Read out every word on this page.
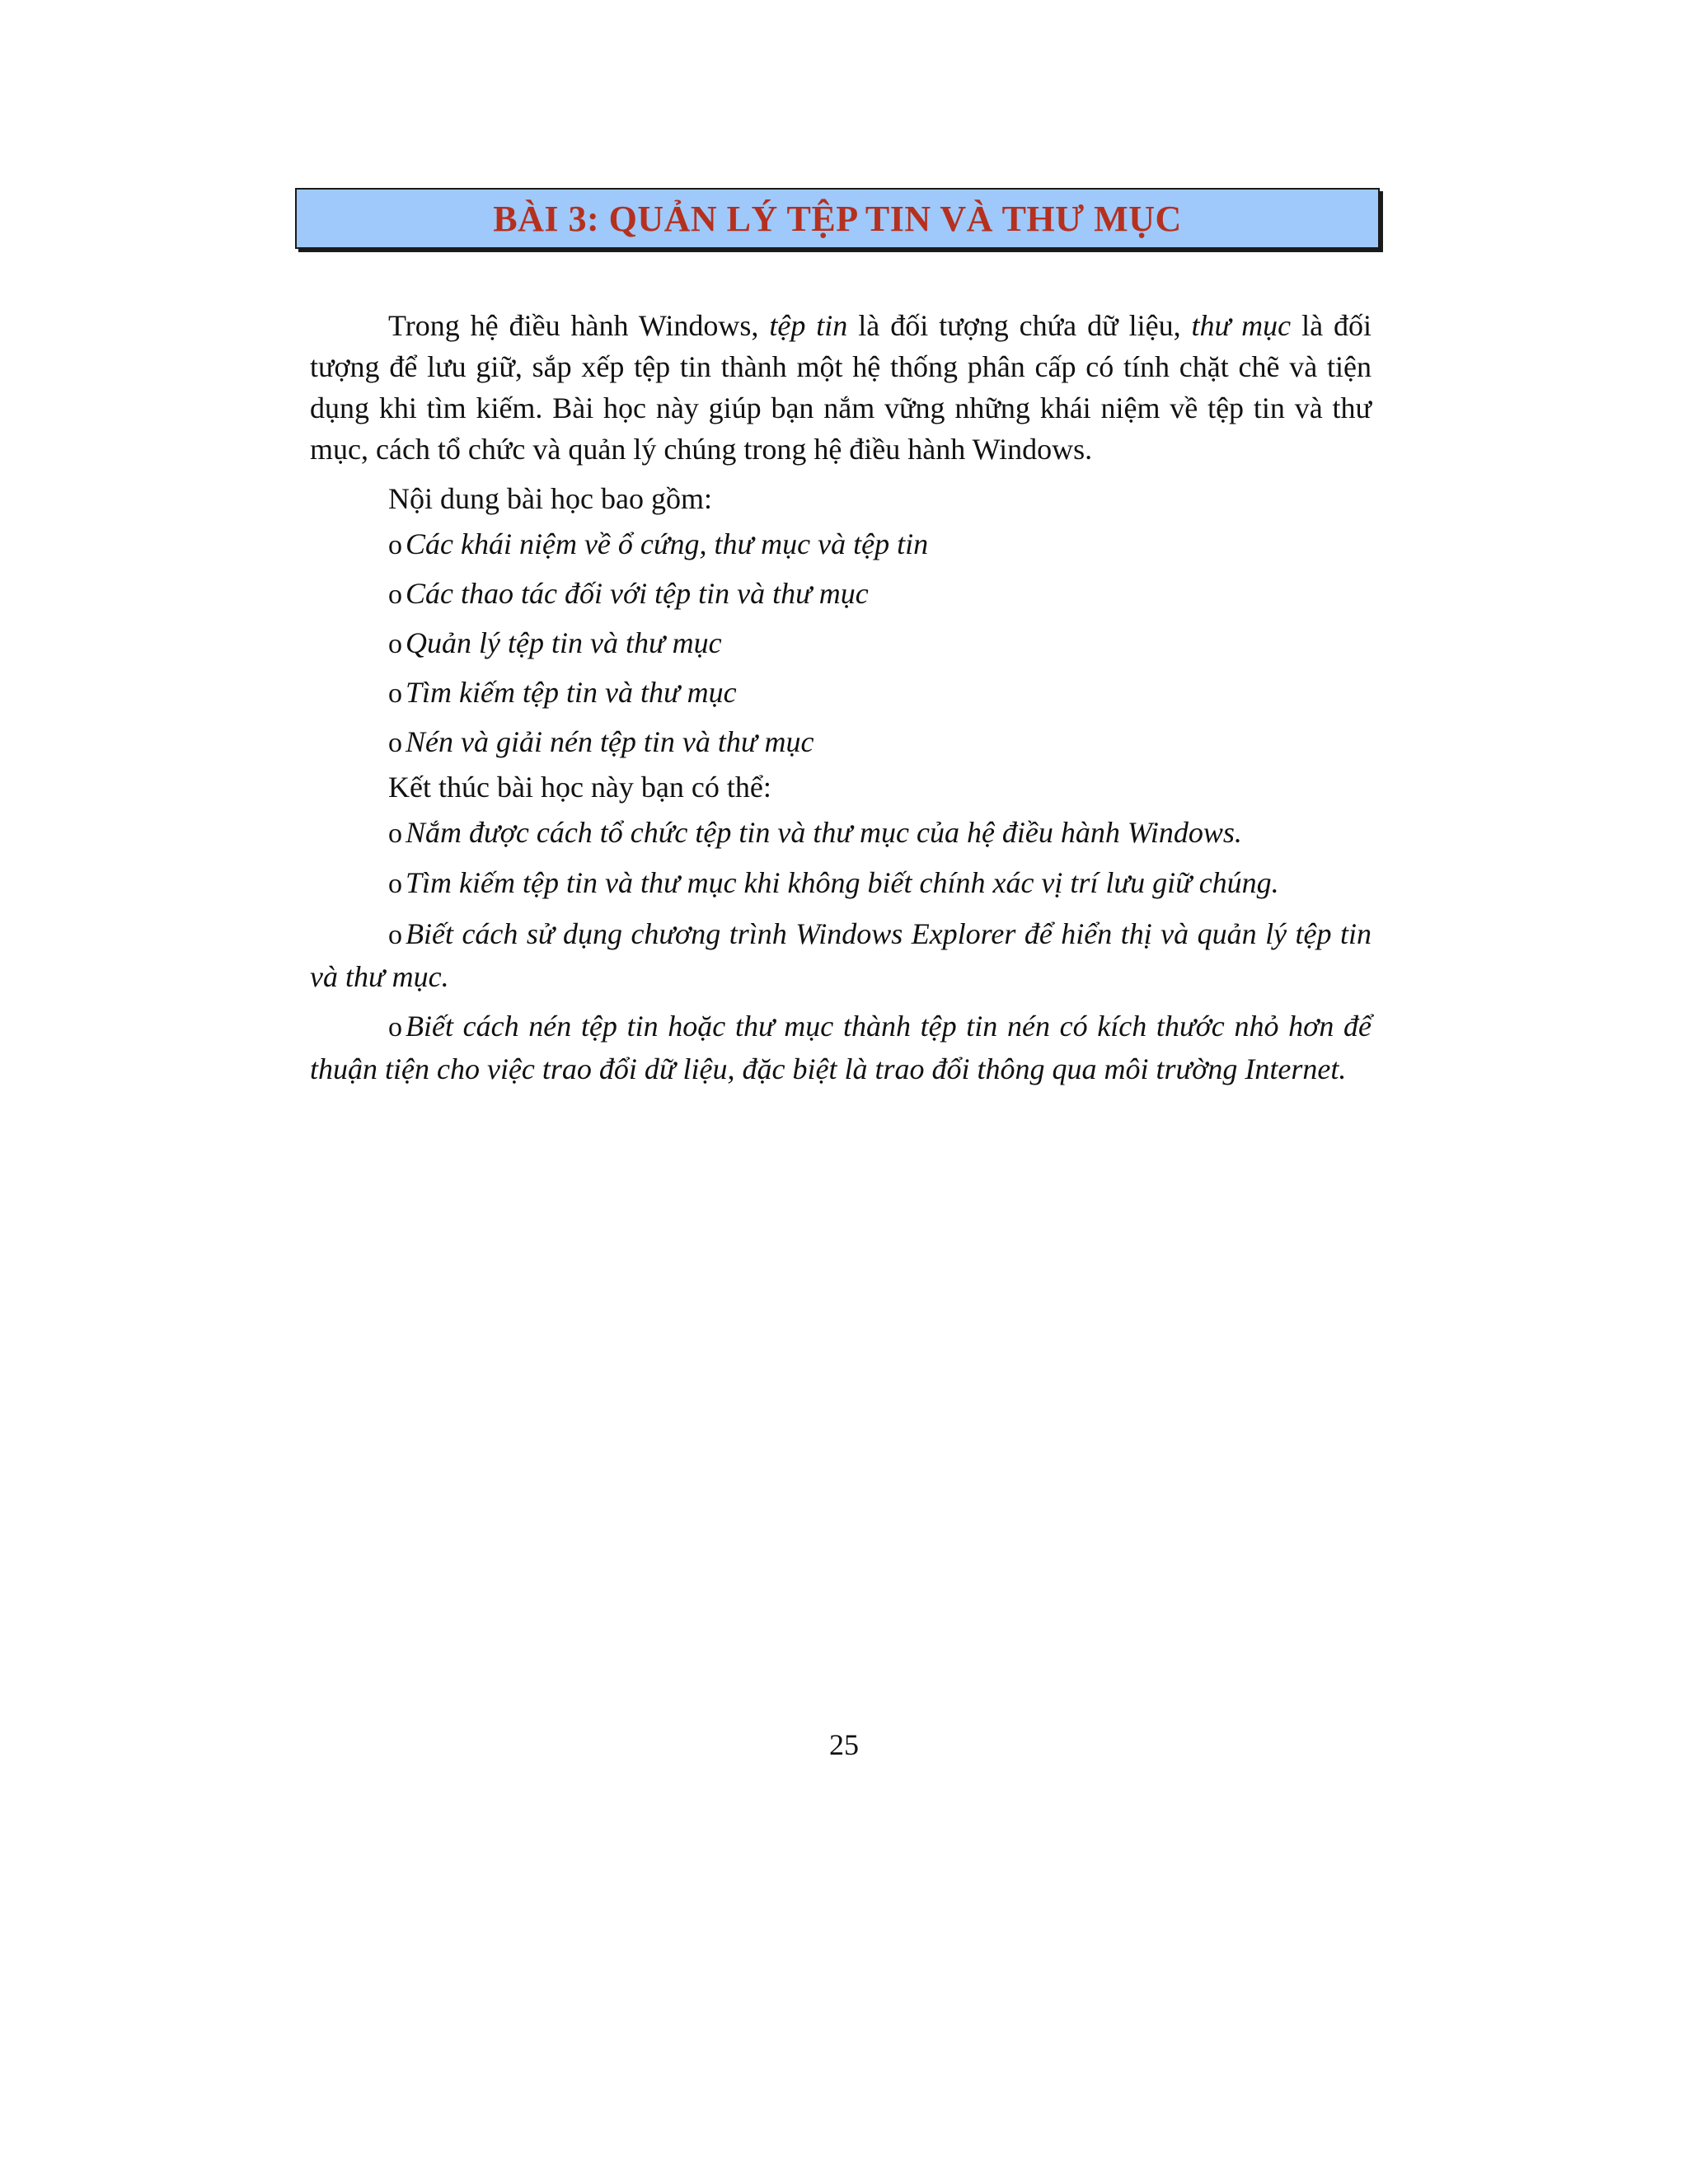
BÀI 3: QUẢN LÝ TỆP TIN VÀ THƯ MỤC

Trong hệ điều hành Windows, tệp tin là đối tượng chứa dữ liệu, thư mục là đối tượng để lưu giữ, sắp xếp tệp tin thành một hệ thống phân cấp có tính chặt chẽ và tiện dụng khi tìm kiếm. Bài học này giúp bạn nắm vững những khái niệm về tệp tin và thư mục, cách tổ chức và quản lý chúng trong hệ điều hành Windows.

Nội dung bài học bao gồm:

o Các khái niệm về ổ cứng, thư mục và tệp tin

o Các thao tác đối với tệp tin và thư mục

o Quản lý tệp tin và thư mục

o Tìm kiếm tệp tin và thư mục

o Nén và giải nén tệp tin và thư mục

Kết thúc bài học này bạn có thể:

o Nắm được cách tổ chức tệp tin và thư mục của hệ điều hành Windows.

o Tìm kiếm tệp tin và thư mục khi không biết chính xác vị trí lưu giữ chúng.

o Biết cách sử dụng chương trình Windows Explorer để hiển thị và quản lý tệp tin và thư mục.

o Biết cách nén tệp tin hoặc thư mục thành tệp tin nén có kích thước nhỏ hơn để thuận tiện cho việc trao đổi dữ liệu, đặc biệt là trao đổi thông qua môi trường Internet.

25
